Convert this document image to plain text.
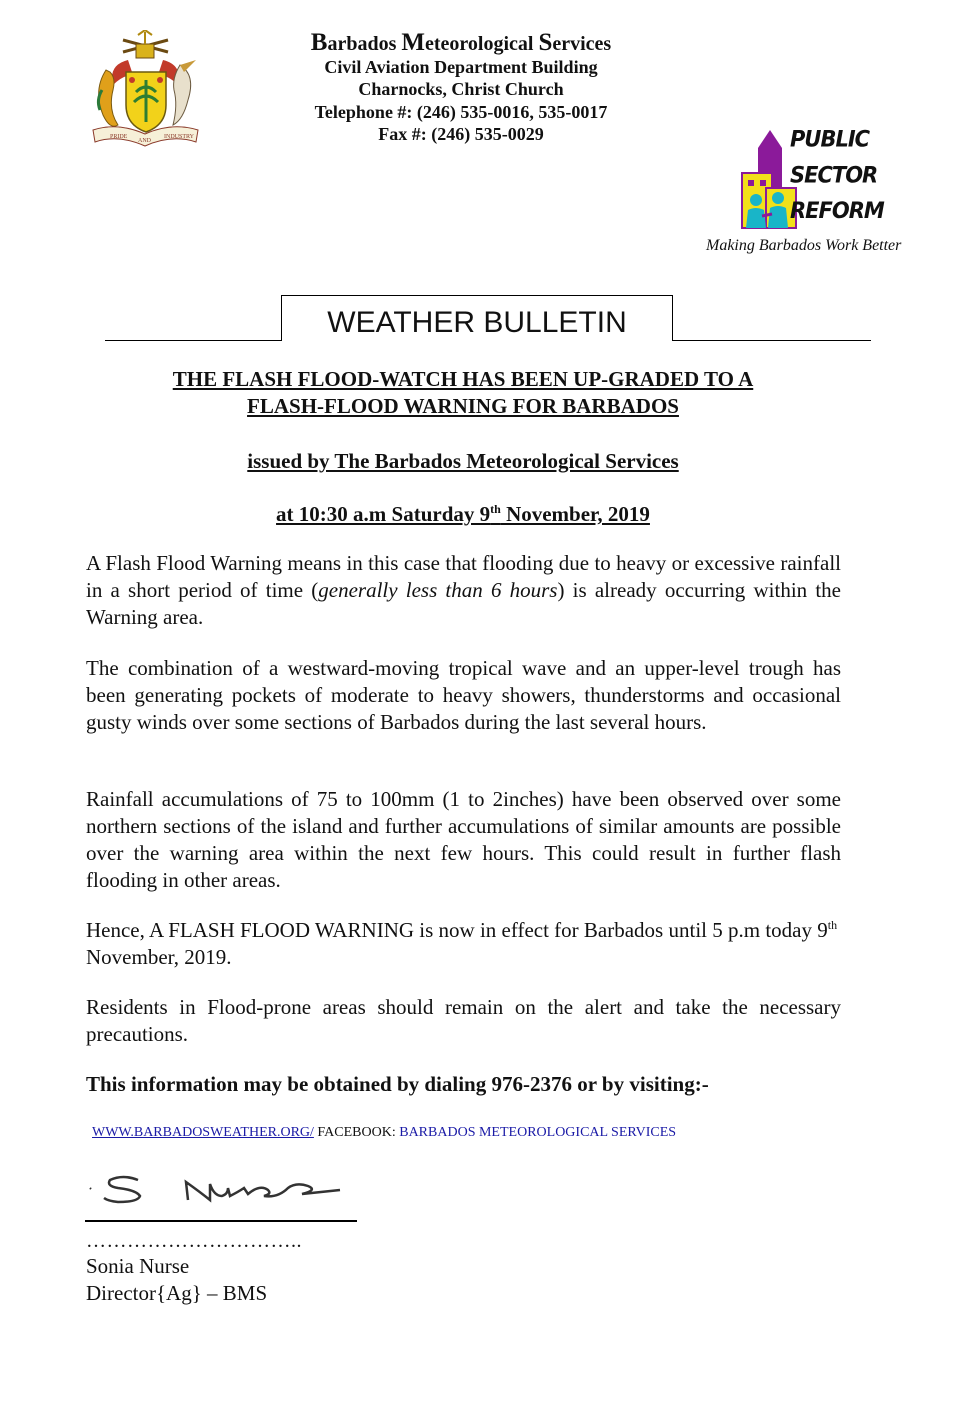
PRIDE
AND
INDUSTRY
Barbados Meteorological Services
Civil Aviation Department Building
Charnocks, Christ Church
Telephone #: (246) 535-0016, 535-0017
Fax #: (246) 535-0029	PUBLIC
SECTOR
REFORM
Making Barbados Work Better
WEATHER BULLETIN
THE FLASH FLOOD-WATCH HAS BEEN UP-GRADED TO A
FLASH-FLOOD WARNING FOR BARBADOS
issued by The Barbados Meteorological Services
at 10:30 a.m Saturday 9th November, 2019
A Flash Flood Warning means in this case that flooding due to heavy or excessive rainfall in a short period of time (generally less than 6 hours) is already occurring within the Warning area.
The combination of a westward-moving tropical wave and an upper-level trough has been generating pockets of moderate to heavy showers, thunderstorms and occasional gusty winds over some sections of Barbados during the last several hours.
Rainfall accumulations of 75 to 100mm (1 to 2inches) have been observed over some northern sections of the island and further accumulations of similar amounts are possible over the warning area within the next few hours. This could result in further flash flooding in other areas.
Hence, A FLASH FLOOD WARNING is now in effect for Barbados until 5 p.m today 9th November, 2019.
Residents in Flood-prone areas should remain on the alert and take the necessary precautions.
This information may be obtained by dialing 976-2376 or by visiting:-
WWW.BARBADOSWEATHER.ORG/ FACEBOOK: BARBADOS METEOROLOGICAL SERVICES
…………………………..
Sonia Nurse
Director{Ag} – BMS
